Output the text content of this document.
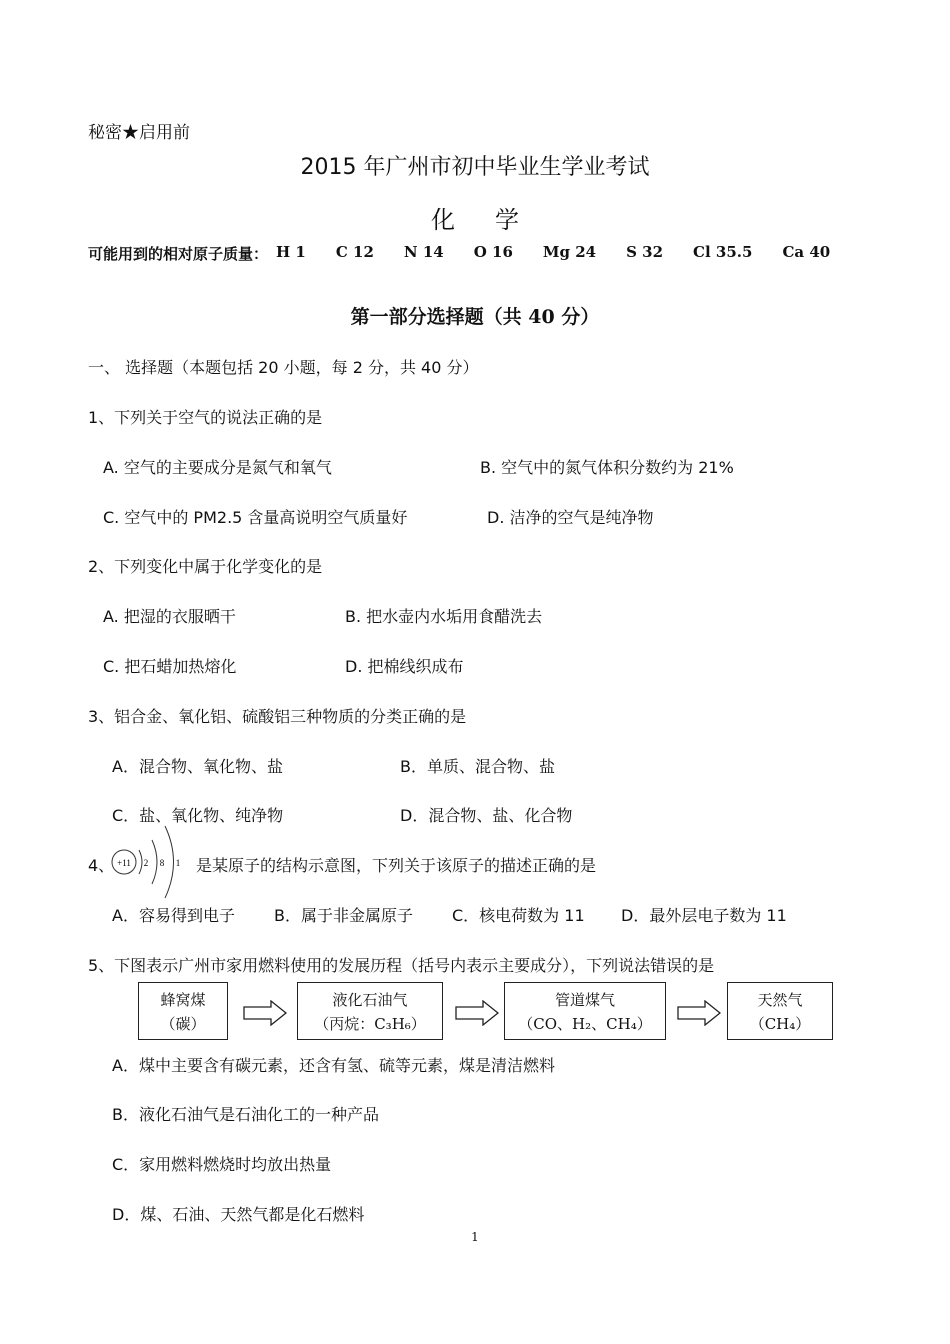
秘密★启用前
2015 年广州市初中毕业生学业考试
化学
可能用到的相对原子质量： H 1 C 12 N 14 O 16 Mg 24 S 32 Cl 35.5 Ca 40
第一部分选择题（共 40 分）
一、 选择题（本题包括 20 小题，每 2 分，共 40 分）
1、下列关于空气的说法正确的是
A. 空气的主要成分是氮气和氧气	B. 空气中的氮气体积分数约为 21%
C. 空气中的 PM2.5 含量高说明空气质量好	D. 洁净的空气是纯净物
2、下列变化中属于化学变化的是
A. 把湿的衣服晒干	B. 把水壶内水垢用食醋洗去
C. 把石蜡加热熔化	D. 把棉线织成布
3、铝合金、氧化铝、硫酸铝三种物质的分类正确的是
A．混合物、氧化物、盐	B．单质、混合物、盐
C．盐、氧化物、纯净物	D．混合物、盐、化合物
4、 +11 2 8 1 是某原子的结构示意图，下列关于该原子的描述正确的是
A．容易得到电子 B．属于非金属原子 C．核电荷数为 11 D．最外层电子数为 11
5、下图表示广州市家用燃料使用的发展历程（括号内表示主要成分），下列说法错误的是
蜂窝煤
（碳）
液化石油气
（丙烷：C₃H₆）
管道煤气
（CO、H₂、CH₄）
天然气
（CH₄）
A．煤中主要含有碳元素，还含有氢、硫等元素，煤是清洁燃料
B．液化石油气是石油化工的一种产品
C．家用燃料燃烧时均放出热量
D．煤、石油、天然气都是化石燃料
1
